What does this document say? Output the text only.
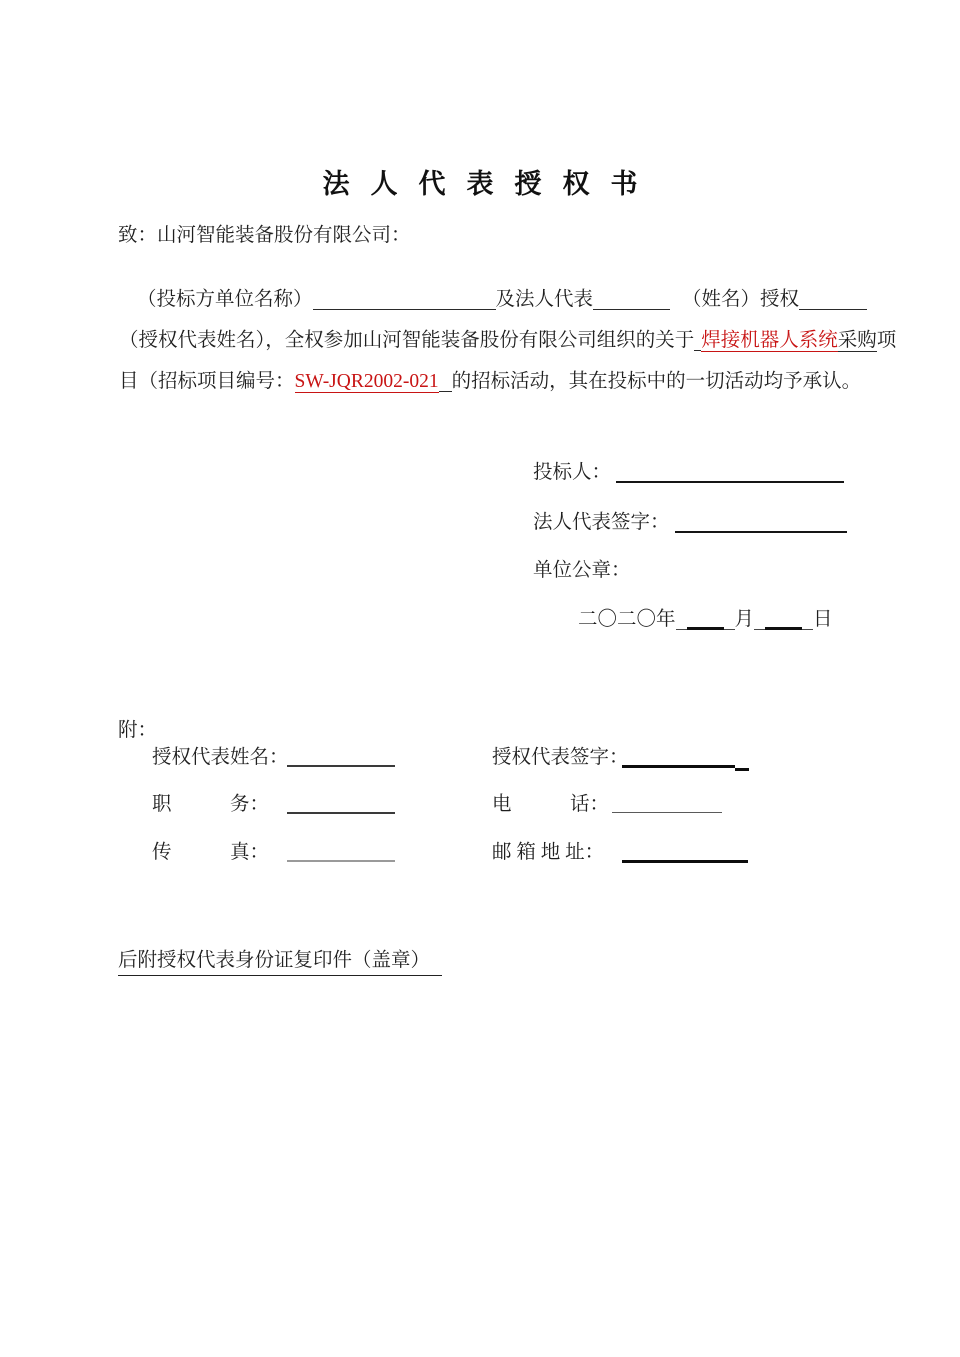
法人代表授权书
致：山河智能装备股份有限公司：
（投标方单位名称）	及法人代表	（姓名）授权
（授权代表姓名），全权参加山河智能装备股份有限公司组织的关于 焊接机器人系统采购项
目（招标项目编号：SW-JQR2002-021 的招标活动，其在投标中的一切活动均予承认。
投标人：
法人代表签字：
单位公章：
二〇二〇年	月	日
附：
授权代表姓名：	授权代表签字：
职　　　务：	电　　　话：
传　　　真：	邮 箱 地 址：
后附授权代表身份证复印件（盖章）
